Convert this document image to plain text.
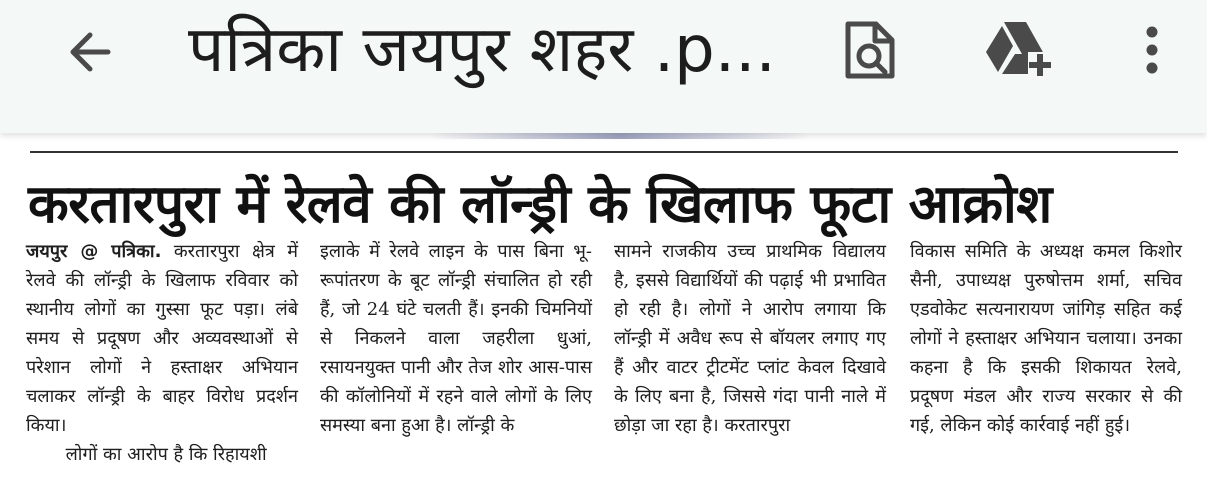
पत्रिका जयपुर शहर .p...
करतारपुरा में रेलवे की लॉन्ड्री के खिलाफ फूटा आक्रोश

जयपुर @ पत्रिका. करतारपुरा क्षेत्र में रेलवे की लॉन्ड्री के खिलाफ रविवार को स्थानीय लोगों का गुस्सा फूट पड़ा। लंबे समय से प्रदूषण और अव्यवस्थाओं से परेशान लोगों ने हस्ताक्षर अभियान चलाकर लॉन्ड्री के बाहर विरोध प्रदर्शन किया।

लोगों का आरोप है कि रिहायशी

इलाके में रेलवे लाइन के पास बिना भू-रूपांतरण के बूट लॉन्ड्री संचालित हो रही हैं, जो 24 घंटे चलती हैं। इनकी चिमनियों से निकलने वाला जहरीला धुआं, रसायनयुक्त पानी और तेज शोर आस-पास की कॉलोनियों में रहने वाले लोगों के लिए समस्या बना हुआ है। लॉन्ड्री के

सामने राजकीय उच्च प्राथमिक विद्यालय है, इससे विद्यार्थियों की पढ़ाई भी प्रभावित हो रही है। लोगों ने आरोप लगाया कि लॉन्ड्री में अवैध रूप से बॉयलर लगाए गए हैं और वाटर ट्रीटमेंट प्लांट केवल दिखावे के लिए बना है, जिससे गंदा पानी नाले में छोड़ा जा रहा है। करतारपुरा

विकास समिति के अध्यक्ष कमल किशोर सैनी, उपाध्यक्ष पुरुषोत्तम शर्मा, सचिव एडवोकेट सत्यनारायण जांगिड़ सहित कई लोगों ने हस्ताक्षर अभियान चलाया। उनका कहना है कि इसकी शिकायत रेलवे, प्रदूषण मंडल और राज्य सरकार से की गई, लेकिन कोई कार्रवाई नहीं हुई।
